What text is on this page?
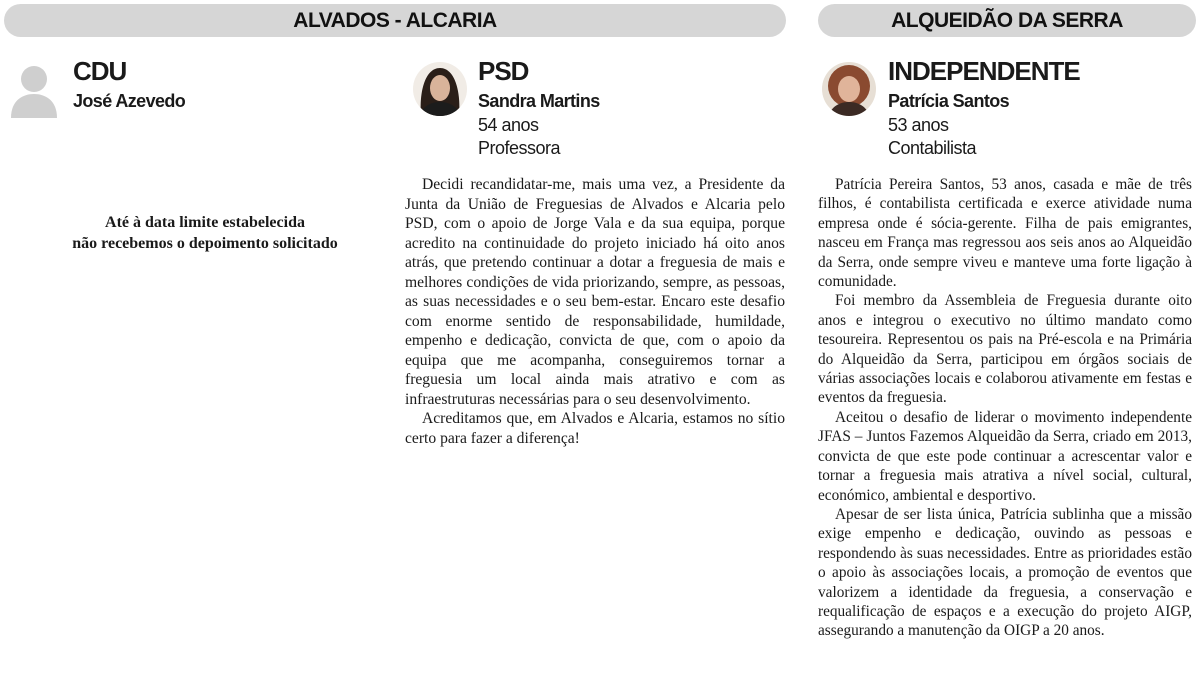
ALVADOS - ALCARIA	ALQUEIDÃO DA SERRA
CDU
José Azevedo
Até à data limite estabelecida
não recebemos o depoimento solicitado
PSD
Sandra Martins
54 anos
Professora

Decidi recandidatar-me, mais uma vez, a Presidente da Junta da União de Freguesias de Alvados e Alcaria pelo PSD, com o apoio de Jorge Vala e da sua equipa, porque acredito na continuidade do projeto iniciado há oito anos atrás, que pretendo continuar a dotar a freguesia de mais e melhores condições de vida priorizando, sempre, as pessoas, as suas necessidades e o seu bem-estar. Encaro este desafio com enorme sentido de responsabilidade, humildade, empenho e dedicação, convicta de que, com o apoio da equipa que me acompanha, conseguiremos tornar a freguesia um local ainda mais atrativo e com as infraestruturas necessárias para o seu desenvolvimento.

Acreditamos que, em Alvados e Alcaria, estamos no sítio certo para fazer a diferença!

INDEPENDENTE
Patrícia Santos
53 anos
Contabilista

Patrícia Pereira Santos, 53 anos, casada e mãe de três filhos, é contabilista certificada e exerce atividade numa empresa onde é sócia-gerente. Filha de pais emigrantes, nasceu em França mas regressou aos seis anos ao Alqueidão da Serra, onde sempre viveu e manteve uma forte ligação à comunidade.

Foi membro da Assembleia de Freguesia durante oito anos e integrou o executivo no último mandato como tesoureira. Representou os pais na Pré-escola e na Primária do Alqueidão da Serra, participou em órgãos sociais de várias associações locais e colaborou ativamente em festas e eventos da freguesia.

Aceitou o desafio de liderar o movimento independente JFAS – Juntos Fazemos Alqueidão da Serra, criado em 2013, convicta de que este pode continuar a acrescentar valor e tornar a freguesia mais atrativa a nível social, cultural, económico, ambiental e desportivo.

Apesar de ser lista única, Patrícia sublinha que a missão exige empenho e dedicação, ouvindo as pessoas e respondendo às suas necessidades. Entre as prioridades estão o apoio às associações locais, a promoção de eventos que valorizem a identidade da freguesia, a conservação e requalificação de espaços e a execução do projeto AIGP, assegurando a manutenção da OIGP a 20 anos.
